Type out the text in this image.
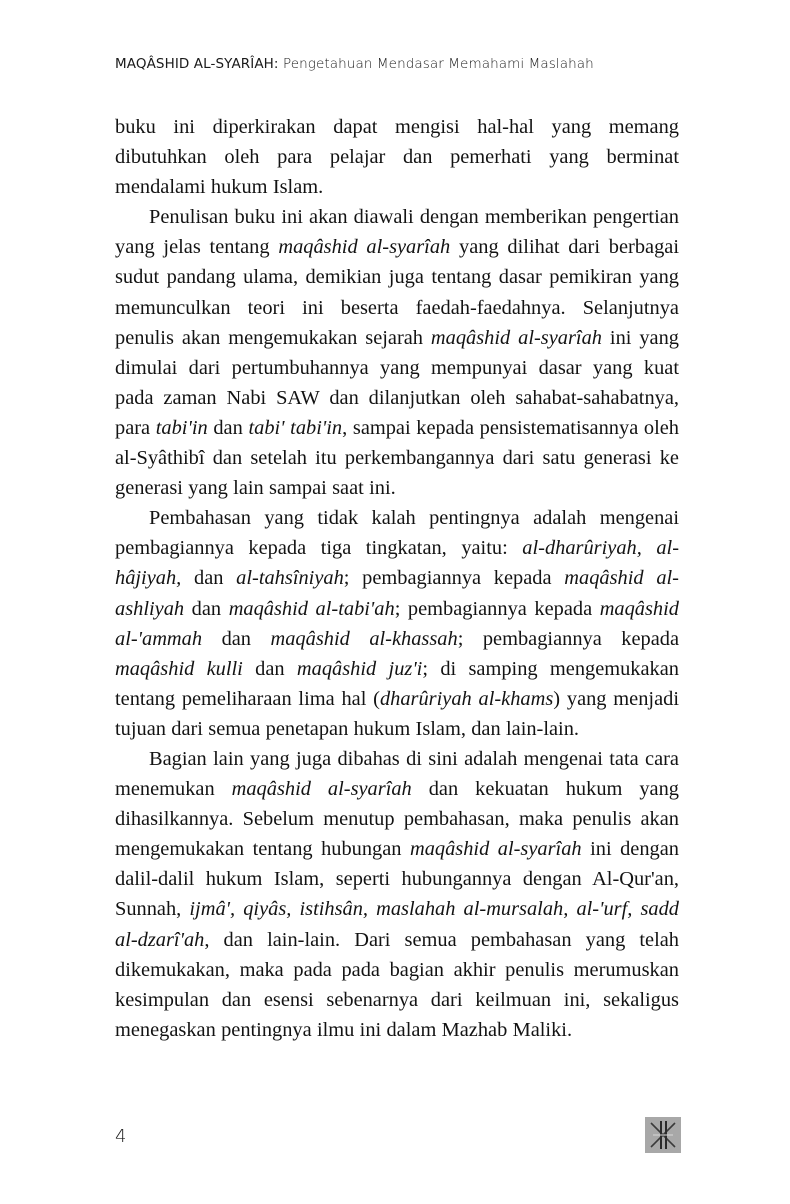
MAQÂSHID AL-SYARÎAH: Pengetahuan Mendasar Memahami Maslahah

buku ini diperkirakan dapat mengisi hal-hal yang memang dibutuhkan oleh para pelajar dan pemerhati yang berminat mendalami hukum Islam.

Penulisan buku ini akan diawali dengan memberikan pengertian yang jelas tentang maqâshid al-syarîah yang dilihat dari berbagai sudut pandang ulama, demikian juga tentang dasar pemikiran yang memunculkan teori ini beserta faedah-faedahnya. Selanjutnya penulis akan mengemukakan sejarah maqâshid al-syarîah ini yang dimulai dari pertumbuhannya yang mempunyai dasar yang kuat pada zaman Nabi SAW dan dilanjutkan oleh sahabat-sahabatnya, para tabi'in dan tabi' tabi'in, sampai kepada pensistematisannya oleh al-Syâthibî dan setelah itu perkembangannya dari satu generasi ke generasi yang lain sampai saat ini.

Pembahasan yang tidak kalah pentingnya adalah mengenai pembagiannya kepada tiga tingkatan, yaitu: al-dharûriyah, al-hâjiyah, dan al-tahsîniyah; pembagiannya kepada maqâshid al-ashliyah dan maqâshid al-tabi'ah; pembagiannya kepada maqâshid al-'ammah dan maqâshid al-khassah; pembagiannya kepada maqâshid kulli dan maqâshid juz'i; di samping mengemukakan tentang pemeliharaan lima hal (dharûriyah al-khams) yang menjadi tujuan dari semua penetapan hukum Islam, dan lain-lain.

Bagian lain yang juga dibahas di sini adalah mengenai tata cara menemukan maqâshid al-syarîah dan kekuatan hukum yang dihasilkannya. Sebelum menutup pembahasan, maka penulis akan mengemukakan tentang hubungan maqâshid al-syarîah ini dengan dalil-dalil hukum Islam, seperti hubungannya dengan Al-Qur'an, Sunnah, ijmâ', qiyâs, istihsân, maslahah al-mursalah, al-'urf, sadd al-dzarî'ah, dan lain-lain. Dari semua pembahasan yang telah dikemukakan, maka pada pada bagian akhir penulis merumuskan kesimpulan dan esensi sebenarnya dari keilmuan ini, sekaligus menegaskan pentingnya ilmu ini dalam Mazhab Maliki.

4
